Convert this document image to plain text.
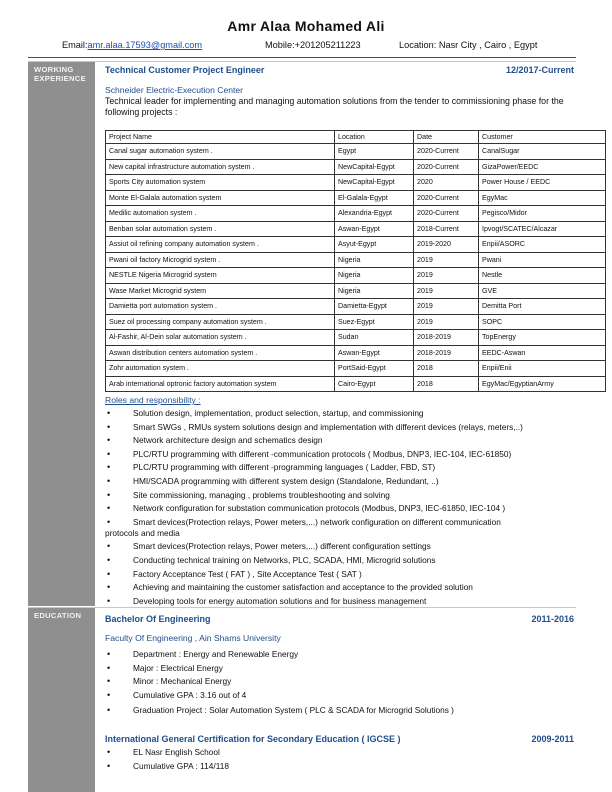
Amr Alaa Mohamed Ali
Email:amr.alaa.17593@gmail.com	Mobile:+201205211223	Location: Nasr City , Cairo , Egypt
WORKING
EXPERIENCE
Technical Customer Project Engineer	12/2017-Current
Schneider Electric-Execution Center
Technical leader for implementing and managing automation solutions from the tender to commissioning phase for the following projects :
Project Name	Location	Date	Customer
Canal sugar automation system .	Egypt	2020-Current	CanalSugar
New capital infrastructure automation system .	NewCapital-Egypt	2020-Current	GizaPower/EEDC
Sports City automation system	NewCapital-Egypt	2020	Power House / EEDC
Monte El-Galala automation system	El-Galala-Egypt	2020-Current	EgyMac
Medilic automation system .	Alexandria-Egypt	2020-Current	Pegisco/Midor
Benban solar automation system .	Aswan-Egypt	2018-Current	Ipvogt/SCATEC/Alcazar
Assiut oil refining company automation system .	Asyut-Egypt	2019-2020	Enpii/ASORC
Pwani oil factory Microgrid system .	Nigeria	2019	Pwani
NESTLE Nigeria Microgrid system	Nigeria	2019	Nestle
Wase Market Microgrid system	Nigeria	2019	GVE
Damietta port automation system .	Damietta-Egypt	2019	Demitta Port
Suez oil processing company automation system .	Suez-Egypt	2019	SOPC
Al-Fashir, Al-Dein solar automation system .	Sudan	2018-2019	TopEnergy
Aswan distribution centers automation system .	Aswan-Egypt	2018-2019	EEDC-Aswan
Zohr automation system .	PortSaid-Egypt	2018	Enpii/Enii
Arab international optronic factory automation system	Cairo-Egypt	2018	EgyMac/EgyptianArmy
Roles and responsibility :
• Solution design, implementation, product selection, startup, and commissioning
• Smart SWGs , RMUs system solutions design and implementation with different devices (relays, meters,..)
• Network architecture design and schematics design
• PLC/RTU programming with different -communication protocols ( Modbus, DNP3, IEC-104, IEC-61850)
• PLC/RTU programming with different -programming languages ( Ladder, FBD, ST)
• HMI/SCADA programming with different system design (Standalone, Redundant, ..)
• Site commissioning, managing , problems troubleshooting and solving
• Network configuration for substation communication protocols (Modbus, DNP3, IEC-61850, IEC-104 )
• Smart devices(Protection relays, Power meters,...) network configuration on different communication
protocols and media
• Smart devices(Protection relays, Power meters,...) different configuration settings
• Conducting technical training on Networks, PLC, SCADA, HMI, Microgrid solutions
• Factory Acceptance Test ( FAT ) , Site Acceptance Test ( SAT )
• Achieving and maintaining the customer satisfaction and acceptance to the provided solution
• Developing tools for energy automation solutions and for business management
EDUCATION	Bachelor Of Engineering	2011-2016
Faculty Of Engineering , Ain Shams University
• Department : Energy and Renewable Energy
• Major : Electrical Energy
• Minor : Mechanical Energy
• Cumulative GPA : 3.16 out of 4
• Graduation Project : Solar Automation System ( PLC & SCADA for Microgrid Solutions )
International General Certification for Secondary Education ( IGCSE )	2009-2011
• EL Nasr English School
• Cumulative GPA : 114/118
